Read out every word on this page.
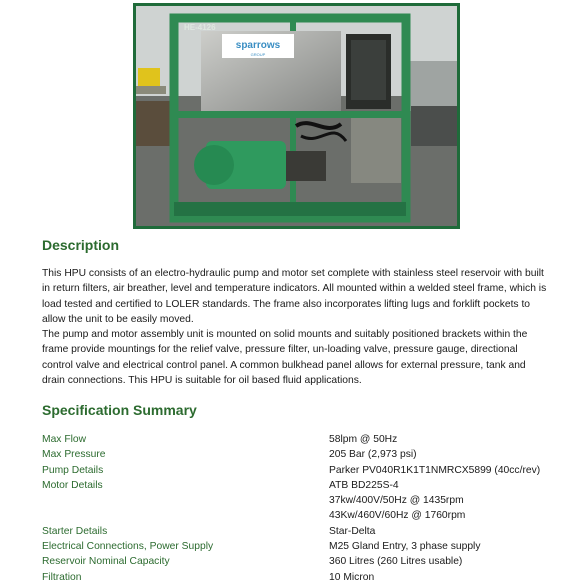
sparrows
GROUP
HE-4126
Description

This HPU consists of an electro-hydraulic pump and motor set complete with stainless steel reservoir with built in return filters, air breather, level and temperature indicators. All mounted within a welded steel frame, which is load tested and certified to LOLER standards. The frame also incorporates lifting lugs and forklift pockets to allow the unit to be easily moved.

The pump and motor assembly unit is mounted on solid mounts and suitably positioned brackets within the frame provide mountings for the relief valve, pressure filter, un-loading valve, pressure gauge, directional control valve and electrical control panel. A common bulkhead panel allows for external pressure, tank and drain connections. This HPU is suitable for oil based fluid applications.

Specification Summary
Max Flow	58lpm @ 50Hz
Max Pressure	205 Bar (2,973 psi)
Pump Details	Parker PV040R1K1T1NMRCX5899 (40cc/rev)
Motor Details	ATB BD225S-4
37kw/400V/50Hz @ 1435rpm
43Kw/460V/60Hz @ 1760rpm
Starter Details	Star-Delta
Electrical Connections, Power Supply	M25 Gland Entry, 3 phase supply
Reservoir Nominal Capacity	360 Litres (260 Litres usable)
Filtration	10 Micron
